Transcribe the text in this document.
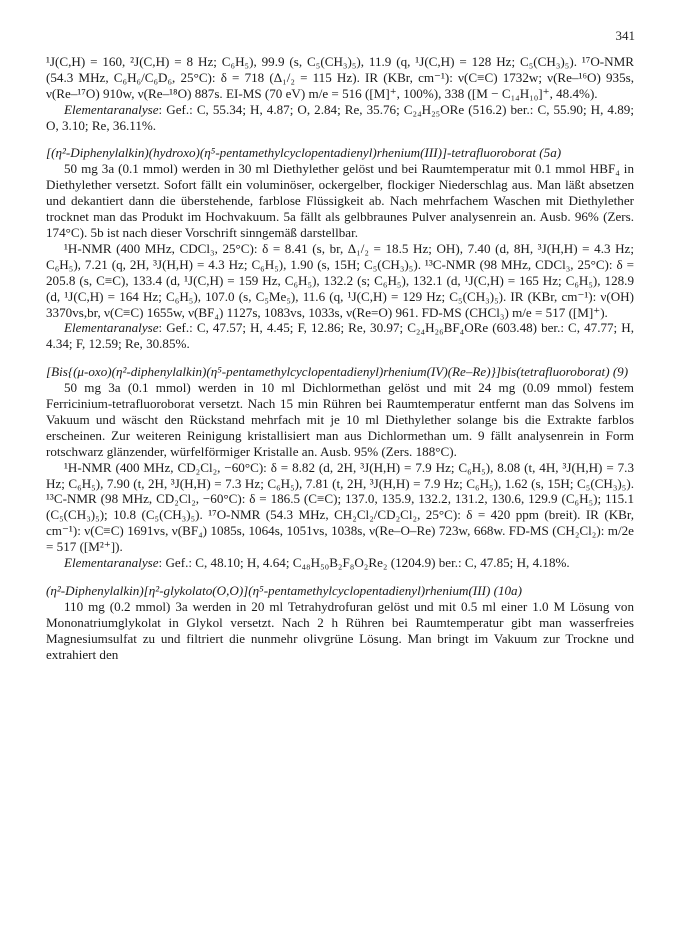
341

¹J(C,H) = 160, ²J(C,H) = 8 Hz; C₆H₅), 99.9 (s, C₅(CH₃)₅), 11.9 (q, ¹J(C,H) = 128 Hz; C₅(CH₃)₅). ¹⁷O-NMR (54.3 MHz, C₆H₆/C₆D₆, 25°C): δ = 718 (Δ₁/₂ = 115 Hz). IR (KBr, cm⁻¹): ν(C≡C) 1732w; ν(Re–¹⁶O) 935s, ν(Re–¹⁷O) 910w, ν(Re–¹⁸O) 887s. EI-MS (70 eV) m/e = 516 ([M]⁺, 100%), 338 ([M − C₁₄H₁₀]⁺, 48.4%).

Elementaranalyse: Gef.: C, 55.34; H, 4.87; O, 2.84; Re, 35.76; C₂₄H₂₅ORe (516.2) ber.: C, 55.90; H, 4.89; O, 3.10; Re, 36.11%.

[(η²-Diphenylalkin)(hydroxo)(η⁵-pentamethylcyclopentadienyl)rhenium(III)]-tetrafluoroborat (5a)

50 mg 3a (0.1 mmol) werden in 30 ml Diethylether gelöst und bei Raumtemperatur mit 0.1 mmol HBF₄ in Diethylether versetzt. Sofort fällt ein voluminöser, ockergelber, flockiger Niederschlag aus. Man läßt absetzen und dekantiert dann die überstehende, farblose Flüssigkeit ab. Nach mehrfachem Waschen mit Diethylether trocknet man das Produkt im Hochvakuum. 5a fällt als gelbbraunes Pulver analysenrein an. Ausb. 96% (Zers. 174°C). 5b ist nach dieser Vorschrift sinngemäß darstellbar.

¹H-NMR (400 MHz, CDCl₃, 25°C): δ = 8.41 (s, br, Δ₁/₂ = 18.5 Hz; OH), 7.40 (d, 8H, ³J(H,H) = 4.3 Hz; C₆H₅), 7.21 (q, 2H, ³J(H,H) = 4.3 Hz; C₆H₅), 1.90 (s, 15H; C₅(CH₃)₅). ¹³C-NMR (98 MHz, CDCl₃, 25°C): δ = 205.8 (s, C≡C), 133.4 (d, ¹J(C,H) = 159 Hz, C₆H₅), 132.2 (s; C₆H₅), 132.1 (d, ¹J(C,H) = 165 Hz; C₆H₅), 128.9 (d, ¹J(C,H) = 164 Hz; C₆H₅), 107.0 (s, C₅Me₅), 11.6 (q, ¹J(C,H) = 129 Hz; C₅(CH₃)₅). IR (KBr, cm⁻¹): ν(OH) 3370vs,br, ν(C≡C) 1655w, ν(BF₄) 1127s, 1083vs, 1033s, ν(Re=O) 961. FD-MS (CHCl₃) m/e = 517 ([M]⁺).

Elementaranalyse: Gef.: C, 47.57; H, 4.45; F, 12.86; Re, 30.97; C₂₄H₂₆BF₄ORe (603.48) ber.: C, 47.77; H, 4.34; F, 12.59; Re, 30.85%.

[Bis{(μ-oxo)(η²-diphenylalkin)(η⁵-pentamethylcyclopentadienyl)rhenium(IV)(Re–Re)}]bis(tetrafluoroborat) (9)

50 mg 3a (0.1 mmol) werden in 10 ml Dichlormethan gelöst und mit 24 mg (0.09 mmol) festem Ferricinium-tetrafluoroborat versetzt. Nach 15 min Rühren bei Raumtemperatur entfernt man das Solvens im Vakuum und wäscht den Rückstand mehrfach mit je 10 ml Diethylether solange bis die Extrakte farblos erscheinen. Zur weiteren Reinigung kristallisiert man aus Dichlormethan um. 9 fällt analysenrein in Form rotschwarz glänzender, würfelförmiger Kristalle an. Ausb. 95% (Zers. 188°C).

¹H-NMR (400 MHz, CD₂Cl₂, −60°C): δ = 8.82 (d, 2H, ³J(H,H) = 7.9 Hz; C₆H₅), 8.08 (t, 4H, ³J(H,H) = 7.3 Hz; C₆H₅), 7.90 (t, 2H, ³J(H,H) = 7.3 Hz; C₆H₅), 7.81 (t, 2H, ³J(H,H) = 7.9 Hz; C₆H₅), 1.62 (s, 15H; C₅(CH₃)₅). ¹³C-NMR (98 MHz, CD₂Cl₂, −60°C): δ = 186.5 (C≡C); 137.0, 135.9, 132.2, 131.2, 130.6, 129.9 (C₆H₅); 115.1 (C₅(CH₃)₅); 10.8 (C₅(CH₃)₅). ¹⁷O-NMR (54.3 MHz, CH₂Cl₂/CD₂Cl₂, 25°C): δ = 420 ppm (breit). IR (KBr, cm⁻¹): ν(C≡C) 1691vs, ν(BF₄) 1085s, 1064s, 1051vs, 1038s, ν(Re–O–Re) 723w, 668w. FD-MS (CH₂Cl₂): m/2e = 517 ([M²⁺]).

Elementaranalyse: Gef.: C, 48.10; H, 4.64; C₄₈H₅₀B₂F₈O₂Re₂ (1204.9) ber.: C, 47.85; H, 4.18%.

(η²-Diphenylalkin)[η²-glykolato(O,O)](η⁵-pentamethylcyclopentadienyl)rhenium(III) (10a)

110 mg (0.2 mmol) 3a werden in 20 ml Tetrahydrofuran gelöst und mit 0.5 ml einer 1.0 M Lösung von Mononatriumglykolat in Glykol versetzt. Nach 2 h Rühren bei Raumtemperatur gibt man wasserfreies Magnesiumsulfat zu und filtriert die nunmehr olivgrüne Lösung. Man bringt im Vakuum zur Trockne und extrahiert den
